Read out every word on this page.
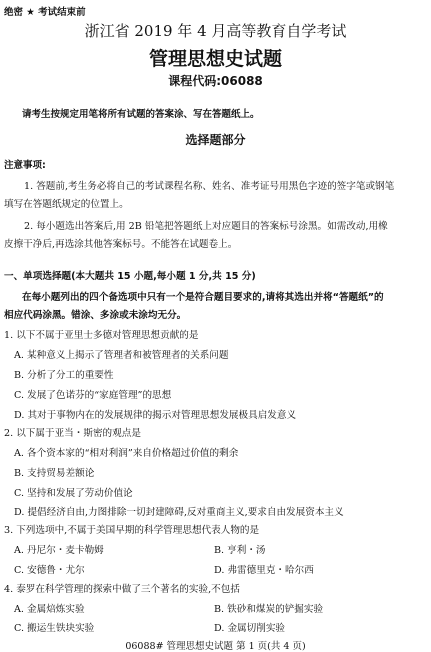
绝密 ★ 考试结束前
浙江省 2019 年 4 月高等教育自学考试
管理思想史试题
课程代码:06088
请考生按规定用笔将所有试题的答案涂、写在答题纸上。
选择题部分
注意事项:
1. 答题前,考生务必将自己的考试课程名称、姓名、准考证号用黑色字迹的签字笔或钢笔
填写在答题纸规定的位置上。
2. 每小题选出答案后,用 2B 铅笔把答题纸上对应题目的答案标号涂黑。如需改动,用橡
皮擦干净后,再选涂其他答案标号。不能答在试题卷上。
一、单项选择题(本大题共 15 小题,每小题 1 分,共 15 分)
在每小题列出的四个备选项中只有一个是符合题目要求的,请将其选出并将“答题纸”的
相应代码涂黑。错涂、多涂或未涂均无分。
1. 以下不属于亚里士多德对管理思想贡献的是
A. 某种意义上揭示了管理者和被管理者的关系问题
B. 分析了分工的重要性
C. 发展了色诺芬的“家庭管理”的思想
D. 其对于事物内在的发展规律的揭示对管理思想发展极具启发意义
2. 以下属于亚当・斯密的观点是
A. 各个资本家的“相对利润”来自价格超过价值的剩余
B. 支持贸易差额论
C. 坚持和发展了劳动价值论
D. 提倡经济自由,力图排除一切封建障碍,反对重商主义,要求自由发展资本主义
3. 下列选项中,不属于美国早期的科学管理思想代表人物的是
A. 丹尼尔・麦卡勒姆	B. 亨利・汤
C. 安德鲁・尤尔	D. 弗雷德里克・哈尔西
4. 泰罗在科学管理的探索中做了三个著名的实验,不包括
A. 金属焙炼实验	B. 铁砂和煤炭的铲掘实验
C. 搬运生铁块实验	D. 金属切削实验
06088# 管理思想史试题 第 1 页(共 4 页)
